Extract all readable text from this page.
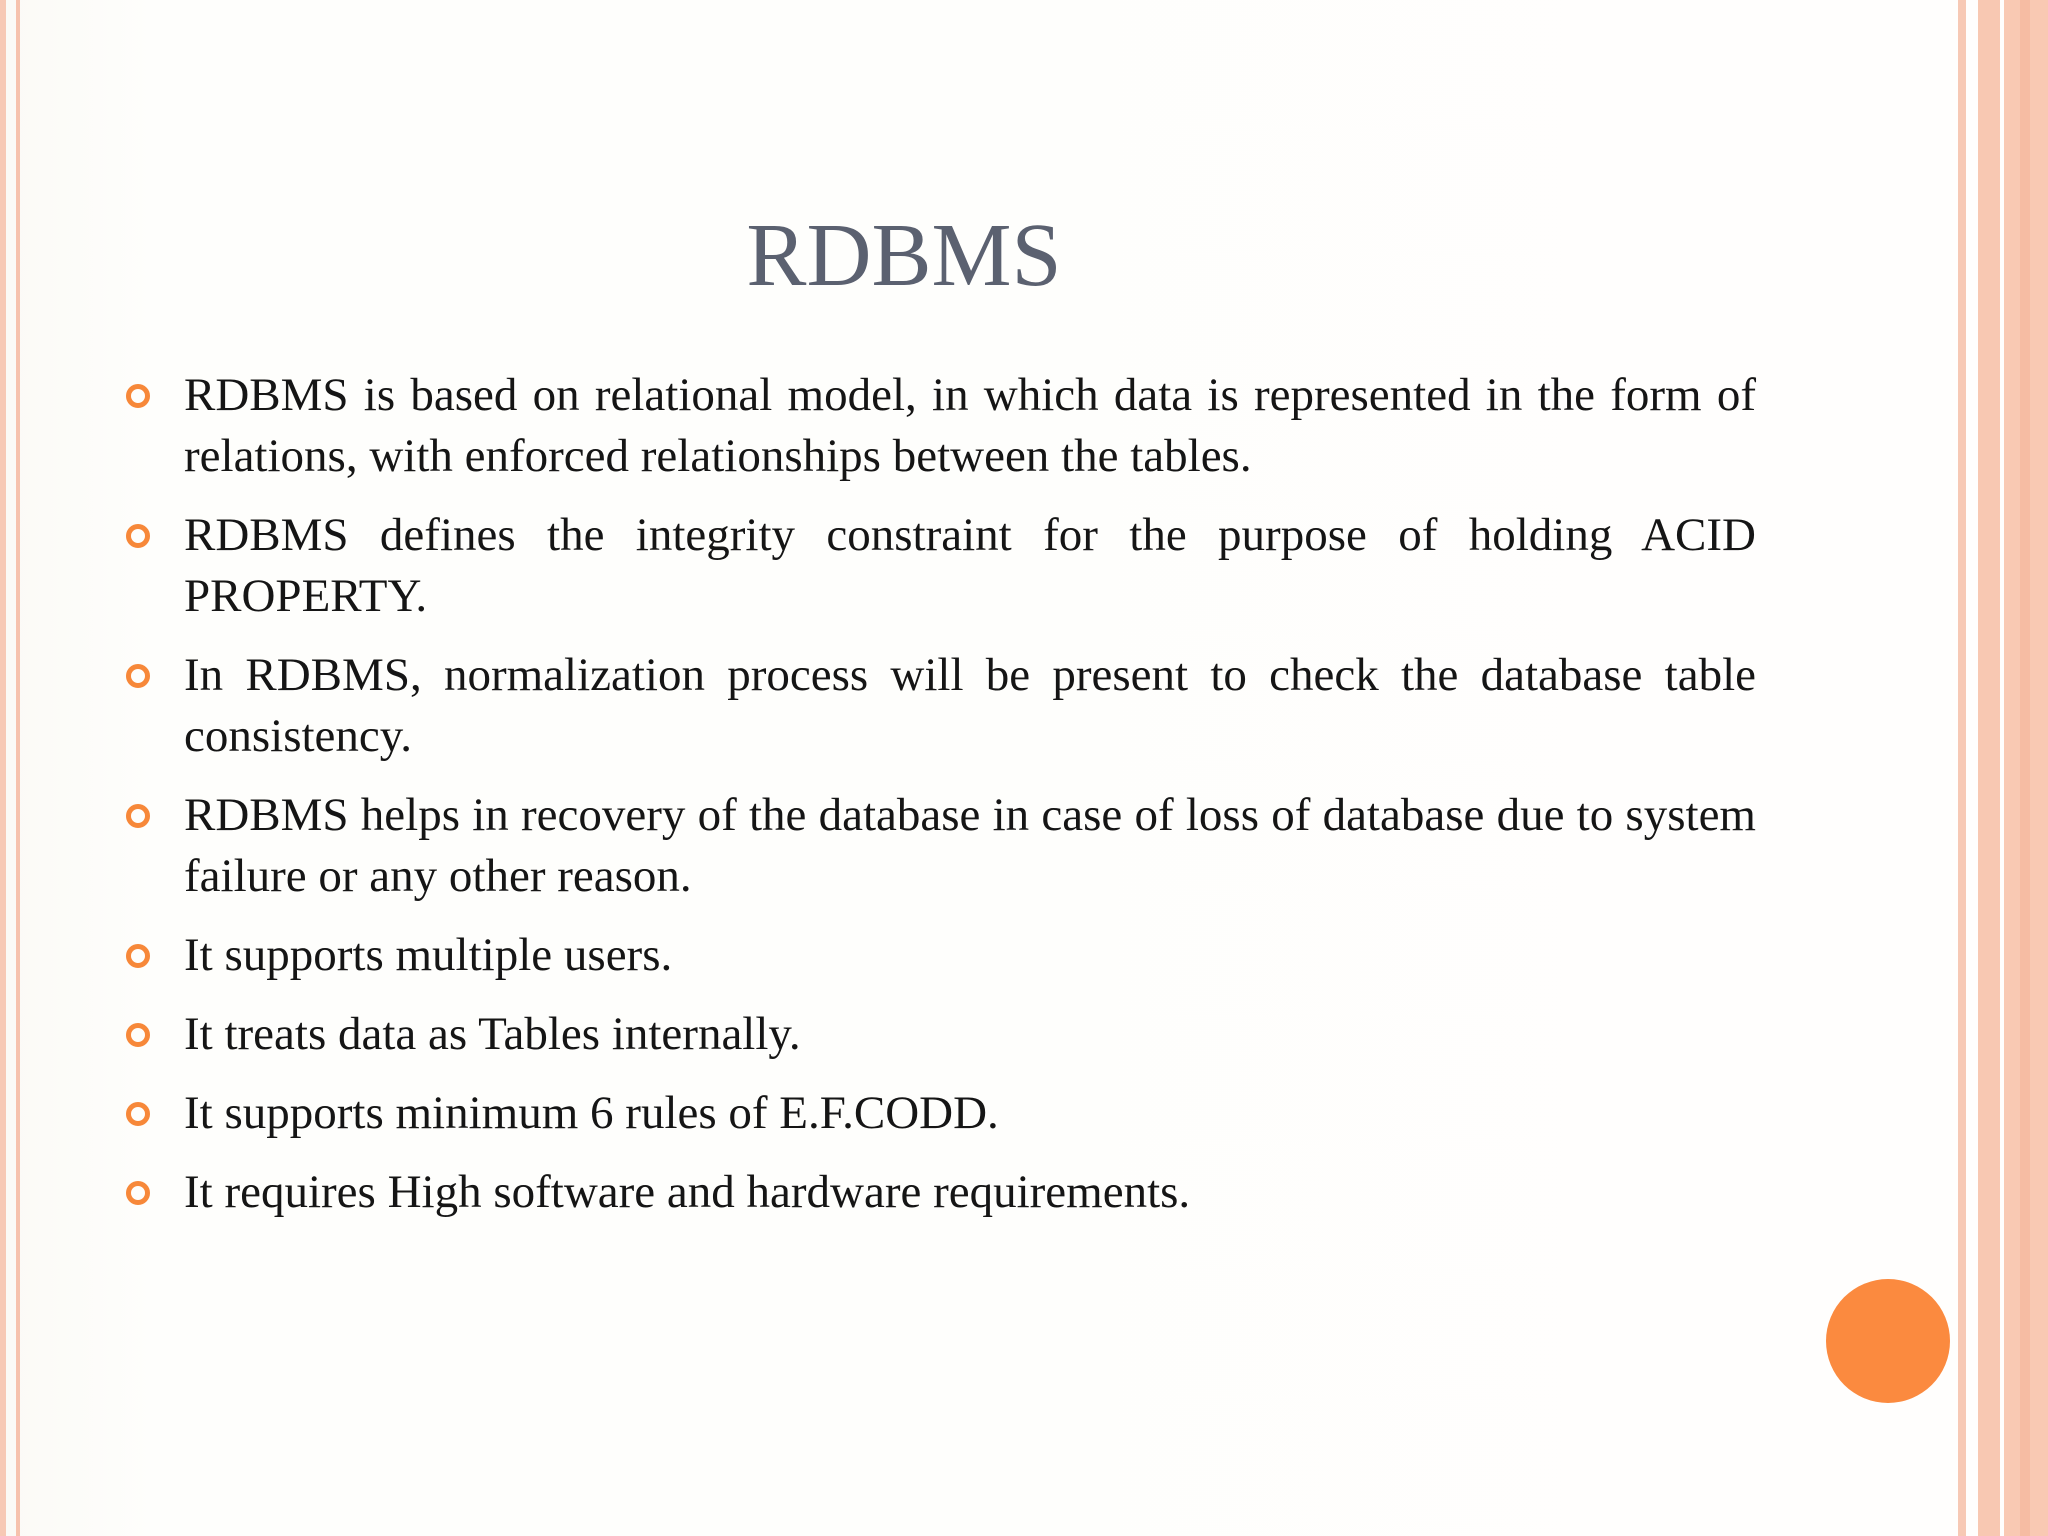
RDBMS
RDBMS is based on relational model, in which data is represented in the form of relations, with enforced relationships between the tables.
RDBMS defines the integrity constraint for the purpose of holding ACID PROPERTY.
In RDBMS, normalization process will be present to check the database table consistency.
RDBMS helps in recovery of the database in case of loss of database due to system failure or any other reason.
It supports multiple users.
It treats data as Tables internally.
It supports minimum 6 rules of E.F.CODD.
It requires High software and hardware requirements.
